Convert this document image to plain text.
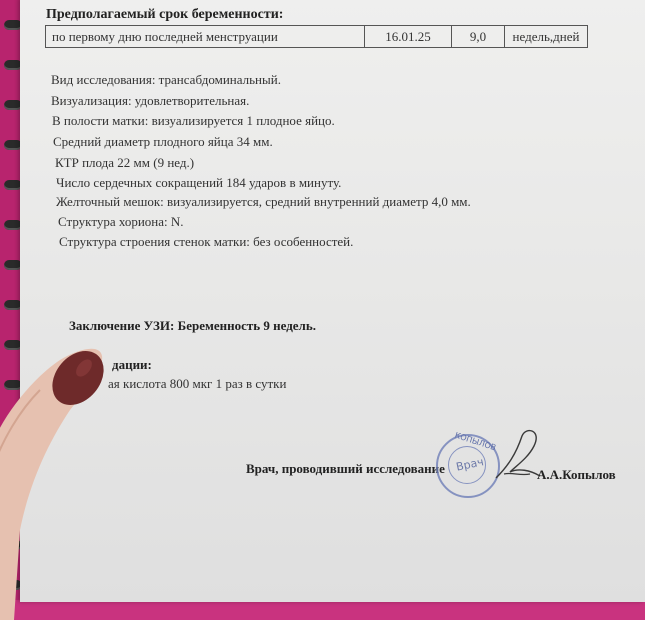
Предполагаемый срок беременности:
по первому дню последней менструации	16.01.25	9,0	недель,дней
Вид исследования: трансабдоминальный.
Визуализация: удовлетворительная.
В полости матки: визуализируется 1 плодное яйцо.
Средний диаметр плодного яйца 34 мм.
КТР плода 22 мм (9 нед.)
Число сердечных сокращений 184 ударов в минуту.
Желточный мешок: визуализируется, средний внутренний диаметр 4,0 мм.
Структура хориона: N.
Структура строения стенок матки: без особенностей.
Заключение УЗИ: Беременность 9 недель.
дации:
ая кислота 800 мкг 1 раз в сутки
Врач, проводивший исследование Врач
КОПЫЛОВ
А.А.Копылов
